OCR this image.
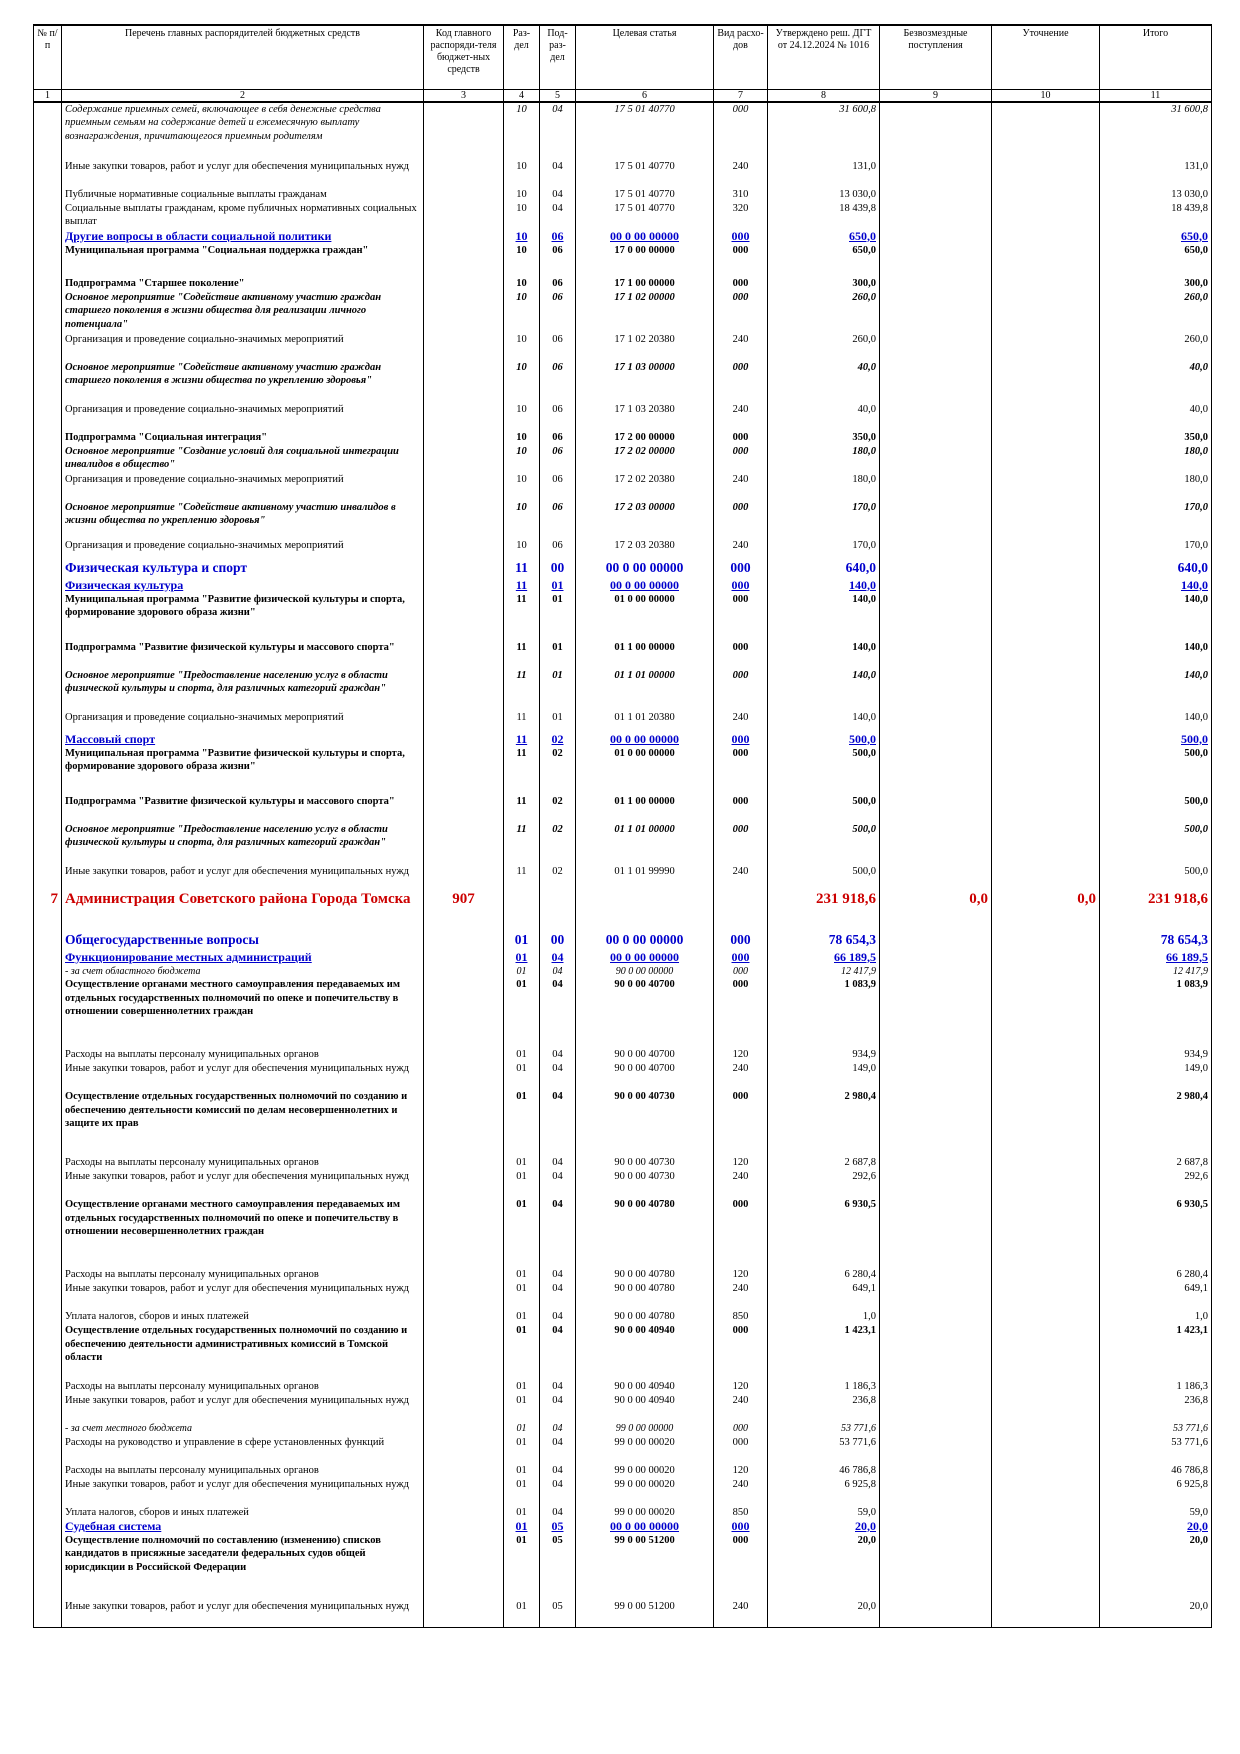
№ п/п	Перечень главных распорядителей бюджетных средств	Код главного распоряди-теля бюджет-ных средств	Раз-дел	Под-раз-дел	Целевая статья	Вид расхо-дов	Утверждено реш. ДГТ от 24.12.2024 № 1016	Безвозмездные поступления	Уточнение	Итого
1	2	3	4	5	6	7	8	9	10	11
	Содержание приемных семей, включающее в себя денежные средства приемным семьям на содержание детей и ежемесячную выплату вознаграждения, причитающегося приемным родителям		10	04	17 5 01 40770	000	31 600,8			31 600,8
	Иные закупки товаров, работ и услуг для обеспечения муниципальных нужд		10	04	17 5 01 40770	240	131,0			131,0
	Публичные нормативные социальные выплаты гражданам		10	04	17 5 01 40770	310	13 030,0			13 030,0
	Социальные выплаты гражданам, кроме публичных нормативных социальных выплат		10	04	17 5 01 40770	320	18 439,8			18 439,8
	Другие вопросы в области социальной политики		10	06	00 0 00 00000	000	650,0			650,0
	Муниципальная программа "Социальная поддержка граждан"		10	06	17 0 00 00000	000	650,0			650,0
	Подпрограмма "Старшее поколение"		10	06	17 1 00 00000	000	300,0			300,0
	Основное мероприятие "Содействие активному участию граждан старшего поколения в жизни общества для реализации личного потенциала"		10	06	17 1 02 00000	000	260,0			260,0
	Организация и проведение социально-значимых мероприятий		10	06	17 1 02 20380	240	260,0			260,0
	Основное мероприятие "Содействие активному участию граждан старшего поколения в жизни общества по укреплению здоровья"		10	06	17 1 03 00000	000	40,0			40,0
	Организация и проведение социально-значимых мероприятий		10	06	17 1 03 20380	240	40,0			40,0
	Подпрограмма "Социальная интеграция"		10	06	17 2 00 00000	000	350,0			350,0
	Основное мероприятие "Создание условий для социальной интеграции инвалидов в общество"		10	06	17 2 02 00000	000	180,0			180,0
	Организация и проведение социально-значимых мероприятий		10	06	17 2 02 20380	240	180,0			180,0
	Основное мероприятие "Содействие активному участию инвалидов в жизни общества по укреплению здоровья"		10	06	17 2 03 00000	000	170,0			170,0
	Организация и проведение социально-значимых мероприятий		10	06	17 2 03 20380	240	170,0			170,0
	Физическая культура и спорт		11	00	00 0 00 00000	000	640,0			640,0
	Физическая культура		11	01	00 0 00 00000	000	140,0			140,0
	Муниципальная программа "Развитие физической культуры и спорта, формирование здорового образа жизни"		11	01	01 0 00 00000	000	140,0			140,0
	Подпрограмма "Развитие физической культуры и массового спорта"		11	01	01 1 00 00000	000	140,0			140,0
	Основное мероприятие "Предоставление населению услуг в области физической культуры и спорта, для различных категорий граждан"		11	01	01 1 01 00000	000	140,0			140,0
	Организация и проведение социально-значимых мероприятий		11	01	01 1 01 20380	240	140,0			140,0
	Массовый спорт		11	02	00 0 00 00000	000	500,0			500,0
	Муниципальная программа "Развитие физической культуры и спорта, формирование здорового образа жизни"		11	02	01 0 00 00000	000	500,0			500,0
	Подпрограмма "Развитие физической культуры и массового спорта"		11	02	01 1 00 00000	000	500,0			500,0
	Основное мероприятие "Предоставление населению услуг в области физической культуры и спорта, для различных категорий граждан"		11	02	01 1 01 00000	000	500,0			500,0
	Иные закупки товаров, работ и услуг для обеспечения муниципальных нужд		11	02	01 1 01 99990	240	500,0			500,0
7	Администрация Советского района Города Томска	907					231 918,6	0,0	0,0	231 918,6
	Общегосударственные вопросы		01	00	00 0 00 00000	000	78 654,3			78 654,3
	Функционирование местных администраций		01	04	00 0 00 00000	000	66 189,5			66 189,5
	- за счет областного бюджета		01	04	90 0 00 00000	000	12 417,9			12 417,9
	Осуществление органами местного самоуправления передаваемых им отдельных государственных полномочий по опеке и попечительству в отношении совершеннолетних граждан		01	04	90 0 00 40700	000	1 083,9			1 083,9
	Расходы на выплаты персоналу муниципальных органов		01	04	90 0 00 40700	120	934,9			934,9
	Иные закупки товаров, работ и услуг для обеспечения муниципальных нужд		01	04	90 0 00 40700	240	149,0			149,0
	Осуществление отдельных государственных полномочий по созданию и обеспечению деятельности комиссий по делам несовершеннолетних и защите их прав		01	04	90 0 00 40730	000	2 980,4			2 980,4
	Расходы на выплаты персоналу муниципальных органов		01	04	90 0 00 40730	120	2 687,8			2 687,8
	Иные закупки товаров, работ и услуг для обеспечения муниципальных нужд		01	04	90 0 00 40730	240	292,6			292,6
	Осуществление органами местного самоуправления передаваемых им отдельных государственных полномочий по опеке и попечительству в отношении несовершеннолетних граждан		01	04	90 0 00 40780	000	6 930,5			6 930,5
	Расходы на выплаты персоналу муниципальных органов		01	04	90 0 00 40780	120	6 280,4			6 280,4
	Иные закупки товаров, работ и услуг для обеспечения муниципальных нужд		01	04	90 0 00 40780	240	649,1			649,1
	Уплата налогов, сборов и иных платежей		01	04	90 0 00 40780	850	1,0			1,0
	Осуществление отдельных государственных полномочий по созданию и обеспечению деятельности административных комиссий в Томской области		01	04	90 0 00 40940	000	1 423,1			1 423,1
	Расходы на выплаты персоналу муниципальных органов		01	04	90 0 00 40940	120	1 186,3			1 186,3
	Иные закупки товаров, работ и услуг для обеспечения муниципальных нужд		01	04	90 0 00 40940	240	236,8			236,8
	- за счет местного бюджета		01	04	99 0 00 00000	000	53 771,6			53 771,6
	Расходы на руководство и управление в сфере установленных функций		01	04	99 0 00 00020	000	53 771,6			53 771,6
	Расходы на выплаты персоналу муниципальных органов		01	04	99 0 00 00020	120	46 786,8			46 786,8
	Иные закупки товаров, работ и услуг для обеспечения муниципальных нужд		01	04	99 0 00 00020	240	6 925,8			6 925,8
	Уплата налогов, сборов и иных платежей		01	04	99 0 00 00020	850	59,0			59,0
	Судебная система		01	05	00 0 00 00000	000	20,0			20,0
	Осуществление полномочий по составлению (изменению) списков кандидатов в присяжные заседатели федеральных судов общей юрисдикции в Российской Федерации		01	05	99 0 00 51200	000	20,0			20,0
	Иные закупки товаров, работ и услуг для обеспечения муниципальных нужд		01	05	99 0 00 51200	240	20,0			20,0
